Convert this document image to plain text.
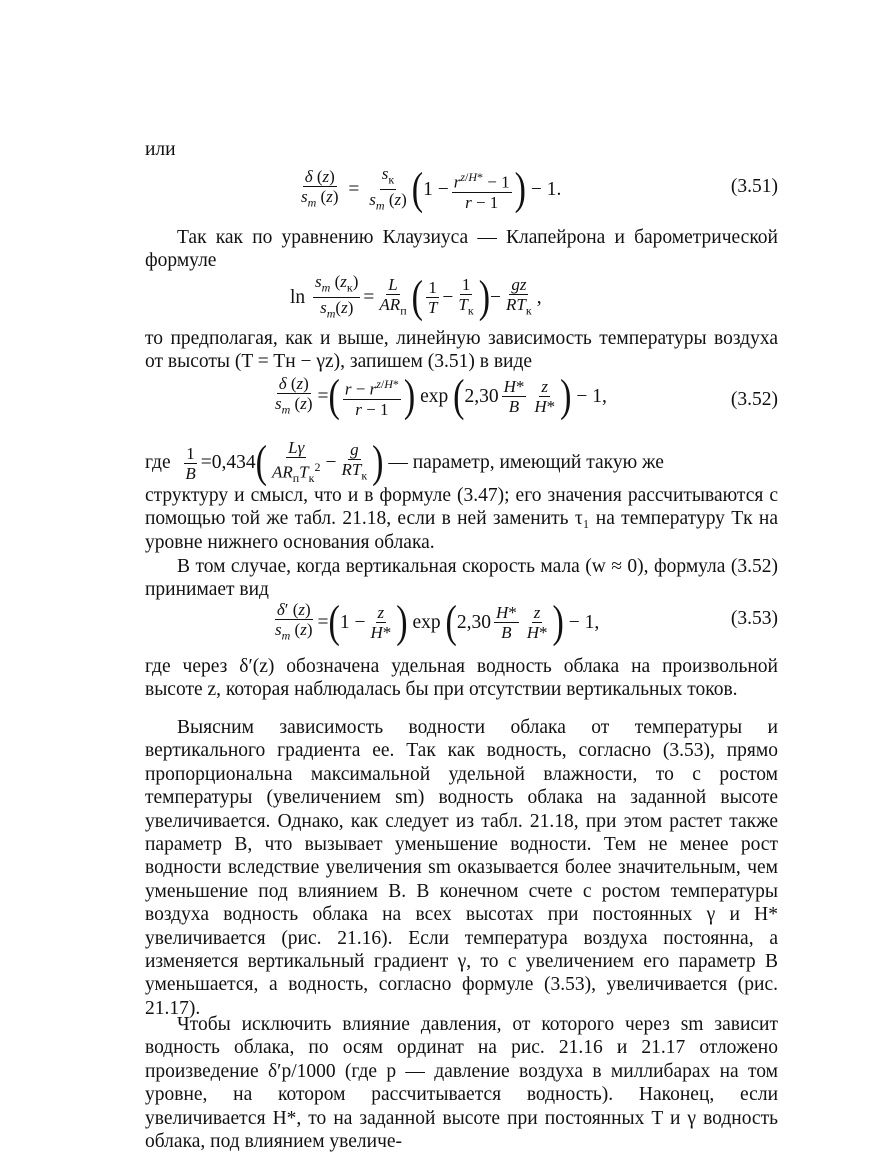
или
$\frac{\delta (z)}{s_m (z)} = \frac{s_к}{s_m (z)}$ ( $1 - \frac{r^{z/H*} - 1}{r - 1}$ ) − 1.	(3.51)

Так как по уравнению Клаузиуса — Клапейрона и барометрической формуле

$\ln \frac{s_m (z_к)}{s_m(z)} = \frac{L}{AR_п}$ ( $\frac{1}{T} - \frac{1}{T_к}$ ) − $\frac{gz}{RT_к}$ ,

то предполагая, как и выше, линейную зависимость температуры воздуха от высоты (T = Tн − γz), запишем (3.51) в виде

$\frac{\delta (z)}{s_m (z)}$ = ( $\frac{r - r^{z/H*}}{r - 1}$ ) exp ( $2,30 \frac{H*}{B} \frac{z}{H*}$ ) − 1,	(3.52)
где
$\frac{1}{B} =0,434$ ( $\frac{L\gamma}{AR_пT_к^2} - \frac{g}{RT_к}$ )
— параметр, имеющий такую же

структуру и смысл, что и в формуле (3.47); его значения рассчитываются с помощью той же табл. 21.18, если в ней заменить τ₁ на температуру Tк на уровне нижнего основания облака.

В том случае, когда вертикальная скорость мала (w ≈ 0), формула (3.52) принимает вид

$\frac{\delta' (z)}{s_m (z)}$ = ( $1 - \frac{z}{H*}$ ) exp ( $2,30 \frac{H*}{B} \frac{z}{H*}$ ) − 1,	(3.53)

где через δ′(z) обозначена удельная водность облака на произвольной высоте z, которая наблюдалась бы при отсутствии вертикальных токов.

Выясним зависимость водности облака от температуры и вертикального градиента ее. Так как водность, согласно (3.53), прямо пропорциональна максимальной удельной влажности, то с ростом температуры (увеличением sm) водность облака на заданной высоте увеличивается. Однако, как следует из табл. 21.18, при этом растет также параметр B, что вызывает уменьшение водности. Тем не менее рост водности вследствие увеличения sm оказывается более значительным, чем уменьшение под влиянием B. В конечном счете с ростом температуры воздуха водность облака на всех высотах при постоянных γ и H* увеличивается (рис. 21.16). Если температура воздуха постоянна, а изменяется вертикальный градиент γ, то с увеличением его параметр B уменьшается, а водность, согласно формуле (3.53), увеличивается (рис. 21.17).

Чтобы исключить влияние давления, от которого через sm зависит водность облака, по осям ординат на рис. 21.16 и 21.17 отложено произведение δ′p/1000 (где p — давление воздуха в миллибарах на том уровне, на котором рассчитывается водность). Наконец, если увеличивается H*, то на заданной высоте при постоянных T и γ водность облака, под влиянием увеличе-
